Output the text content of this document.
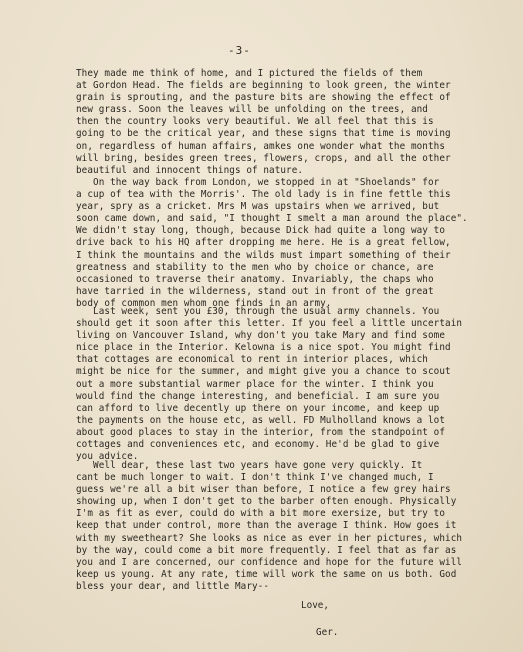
-3-
They made me think of home, and I pictured the fields of them
at Gordon Head. The fields are beginning to look green, the winter
grain is sprouting, and the pasture bits are showing the effect of
new grass. Soon the leaves will be unfolding on the trees, and
then the country looks very beautiful. We all feel that this is
going to be the critical year, and these signs that time is moving
on, regardless of human affairs, amkes one wonder what the months
will bring, besides green trees, flowers, crops, and all the other
beautiful and innocent things of nature.
On the way back from London, we stopped in at "Shoelands" for
a cup of tea with the Morris'. The old lady is in fine fettle this
year, spry as a cricket. Mrs M was upstairs when we arrived, but
soon came down, and said, "I thought I smelt a man around the place".
We didn't stay long, though, because Dick had quite a long way to
drive back to his HQ after dropping me here. He is a great fellow,
I think the mountains and the wilds must impart something of their
greatness and stability to the men who by choice or chance, are
occasioned to traverse their anatomy. Invariably, the chaps who
have tarried in the wilderness, stand out in front of the great
body of common men whom one finds in an army.
Last week, sent you £30, through the usual army channels. You
should get it soon after this letter. If you feel a little uncertain
living on Vancouver Island, why don't you take Mary and find some
nice place in the Interior. Kelowna is a nice spot. You might find
that cottages are economical to rent in interior places, which
might be nice for the summer, and might give you a chance to scout
out a more substantial warmer place for the winter. I think you
would find the change interesting, and beneficial. I am sure you
can afford to live decently up there on your income, and keep up
the payments on the house etc, as well. FD Mulholland knows a lot
about good places to stay in the interior, from the standpoint of
cottages and conveniences etc, and economy. He'd be glad to give
you advice.
Well dear, these last two years have gone very quickly. It
cant be much longer to wait. I don't think I've changed much, I
guess we're all a bit wiser than before, I notice a few grey hairs
showing up, when I don't get to the barber often enough. Physically
I'm as fit as ever, could do with a bit more exersize, but try to
keep that under control, more than the average I think. How goes it
with my sweetheart? She looks as nice as ever in her pictures, which
by the way, could come a bit more frequently. I feel that as far as
you and I are concerned, our confidence and hope for the future will
keep us young. At any rate, time will work the same on us both. God
bless your dear, and little Mary--
Love,
Ger.
